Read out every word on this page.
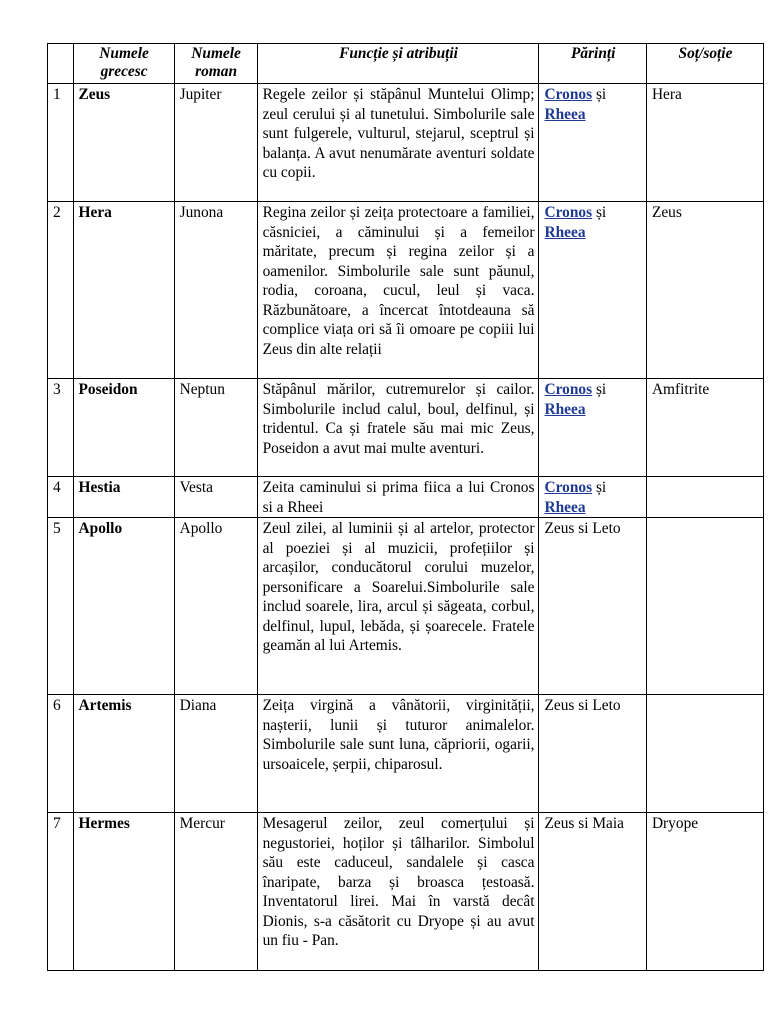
	Numele grecesc	Numele roman	Funcție și atribuții	Părinți	Soț/soție
1	Zeus	Jupiter	Regele zeilor și stăpânul Muntelui Olimp; zeul cerului și al tunetului. Simbolurile sale sunt fulgerele, vulturul, stejarul, sceptrul și balanța. A avut nenumărate aventuri soldate cu copii.	Cronos și Rheea	Hera
2	Hera	Junona	Regina zeilor și zeița protectoare a familiei, căsniciei, a căminului și a femeilor măritate, precum și regina zeilor și a oamenilor. Simbolurile sale sunt păunul, rodia, coroana, cucul, leul și vaca. Răzbunătoare, a încercat întotdeauna să complice viața ori să îi omoare pe copiii lui Zeus din alte relații	Cronos și Rheea	Zeus
3	Poseidon	Neptun	Stăpânul mărilor, cutremurelor și cailor. Simbolurile includ calul, boul, delfinul, și tridentul. Ca și fratele său mai mic Zeus, Poseidon a avut mai multe aventuri.	Cronos și Rheea	Amfitrite
4	Hestia	Vesta	Zeita caminului si prima fiica a lui Cronos si a Rheei	Cronos și Rheea	
5	Apollo	Apollo	Zeul zilei, al luminii și al artelor, protector al poeziei și al muzicii, profețiilor și arcașilor, conducătorul corului muzelor, personificare a Soarelui.Simbolurile sale includ soarele, lira, arcul și săgeata, corbul, delfinul, lupul, lebăda, și șoarecele. Fratele geamăn al lui Artemis.	Zeus si Leto	
6	Artemis	Diana	Zeița virgină a vânătorii, virginității, nașterii, lunii și tuturor animalelor. Simbolurile sale sunt luna, căpriorii, ogarii, ursoaicele, șerpii, chiparosul.	Zeus si Leto	
7	Hermes	Mercur	Mesagerul zeilor, zeul comerțului și negustoriei, hoților și tâlharilor. Simbolul său este caduceul, sandalele și casca înaripate, barza și broasca țestoasă. Inventatorul lirei. Mai în varstă decât Dionis, s-a căsătorit cu Dryope și au avut un fiu - Pan.	Zeus si Maia	Dryope
